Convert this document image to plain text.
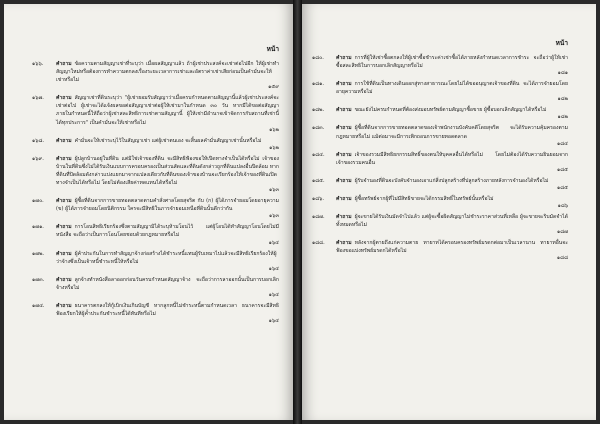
หน้า
๑๖๖. คำถาม ข้อความตามสัญญาเช่าที่ระบุว่า เมื่อผลสัญญาแล้ว ถ้าผู้เช่าประสงค์จะเช่าต่อไปอีก ให้ผู้เช่าทำสัญญาใหม่หรือต้องการทำความตกลงเรื่องระยะเวลาการเช่าและอัตราค่าเช่าเสียก่อนเป็นคำมั่นจะให้เช่าหรือไม่
๑๕๙
๑๖๗. คำถาม สัญญาเช่าที่ดินระบุว่า "ผู้เช่ายอมรับสัญญาว่าเมื่อครบกำหนดตามสัญญานี้แล้วผู้เช่าประสงค์จะเช่าต่อไป ผู้เช่าจะได้แจ้งผลขอต่อสัญญาเช่าต่อผู้ให้เช่ามาในกำหนด ๓๐ วัน หากมีได้ขอต่อสัญญาภายในกำหนดนี้ให้ถือว่าผู้เช่าสละสิทธิการเช่าตามสัญญานี้ ผู้ให้เช่ามีอำนาจเข้าจัดการกับสถานที่เช่านี้ได้ทุกประการ" เป็นคำมั่นจะให้เช่าหรือไม่
๑๖๒
๑๖๘. คำถาม คำมั่นจะให้เช่าระบุไว้ในสัญญาเช่า แต่ผู้เช่าตนเอง จะสิ้นผลคำมั่นสัญญาเช่านั้นหรือไม่
๑๖๒
๑๖๙. คำถาม ผู้ปลูกบ้านอยู่ในที่ดิน แต่มิใช่เจ้าของที่ดิน จะมีสิทธิฟ้องขอให้เปิดทางจำเป็นได้หรือไม่ เจ้าของบ้านในที่ดินซึ่งไม่ได้รับเงินแบบการครอบครองเป็นส่วนสัดและที่ดินดังกล่าวถูกที่ดินแปลงอื่นปิดล้อม หากที่ดินที่ปิดล้อมดังกล่าวแบ่งแยกมาจากแปลงเดียวกับที่ดินของเจ้าของบ้านจะเรียกร้องให้เจ้าของที่ดินเปิดทางจำเป็นได้หรือไม่ โดยไม่ต้องเสียค่าทดแทนได้หรือไม่
๑๖๓
๑๗๐. คำถาม ผู้ซื้อที่ดินจากการขายทอดตลาดตามคำสั่งศาลโดยสุจริต กับ (ก) ผู้ได้ภารจำยอมโดยอายุความ (ข) ผู้ได้ภารจำยอมโดยนิติกรรม ใครจะมีสิทธิในภารจำยอมเหนือที่ดินนั้นดีกว่ากัน
๑๖๓
๑๗๑. คำถาม การโอนสิทธิเรียกร้องซึ่งตามสัญญามิได้ระบุห้ามโอนไว้ แต่ผู้โอนได้ทำสัญญาโอนโดยไม่มีหนังสือ จะถือว่าเป็นการโอนโดยชอบด้วยกฎหมายหรือไม่
๑๖๔
๑๗๒. คำถาม ผู้ค้าประกันในการทำสัญญาจ้างก่อสร้างได้ชำระหนี้แทนผู้รับเหมาไปแล้วจะมีสิทธิเรียกร้องให้ผู้ว่าจ้างซึ่งเป็นเจ้าหนี้ชำระหนี้ให้หรือไม่
๑๖๔
๑๗๓. คำถาม ลูกจ้างทำหนังสือลาออกก่อนวันครบกำหนดสัญญาจ้าง จะถือว่าการลาออกนั้นเป็นการบอกเลิกจ้างหรือไม่
๑๖๔
๑๗๔. คำถาม ธนาคารตกลงให้กู้เบิกเงินเกินบัญชี หากลูกหนี้ไม่ชำระหนี้ตามกำหนดเวลา ธนาคารจะมีสิทธิฟ้องเรียกให้ผู้ค้ำประกันชำระหนี้ได้ทันทีหรือไม่
๑๖๔
หน้า
๑๘๐. คำถาม การที่ผู้ให้เช่าซื้อตกลงให้ผู้เช่าซื้อชำระค่าเช่าซื้อได้ภายหลังกำหนดเวลาการชำระ จะถือว่าผู้ให้เช่าซื้อสละสิทธิในการบอกเลิกสัญญาหรือไม่
๑๘๑
๑๘๑. คำถาม การใช้ที่ดินเป็นทางเดินออกสู่ทางสาธารณะโดยไม่ได้ขออนุญาตเจ้าของที่ดิน จะได้ภารจำยอมโดยอายุความหรือไม่
๑๘๒
๑๘๒. คำถาม ขณะยังไม่ครบกำหนดที่ต้องส่งมอบทรัพย์ตามสัญญาซื้อขาย ผู้ซื้อบอกเลิกสัญญาได้หรือไม่
๑๘๒
๑๘๓. คำถาม ผู้ซื้อที่ดินจากการขายทอดตลาดของเจ้าพนักงานบังคับคดีโดยสุจริต จะได้รับความคุ้มครองตามกฎหมายหรือไม่ แม้ต่อมาจะมีการเพิกถอนการขายทอดตลาด
๑๘๔
๑๘๔. คำถาม เจ้าของรวมมีสิทธิยกกรรมสิทธิ์ของตนให้บุคคลอื่นได้หรือไม่ โดยไม่ต้องได้รับความยินยอมจากเจ้าของรวมคนอื่น
๑๘๕
๑๘๕. คำถาม ผู้รับจำนองที่ดินจะบังคับจำนองเอาแก่สิ่งปลูกสร้างที่ปลูกสร้างภายหลังการจำนองได้หรือไม่
๑๘๕
๑๘๖. คำถาม ผู้ซื้อทรัพย์จากผู้ที่ไม่มีสิทธิขายจะได้กรรมสิทธิ์ในทรัพย์นั้นหรือไม่
๑๘๖
๑๘๗. คำถาม ผู้จะขายได้รับเงินมัดจำไปแล้ว แต่ผู้จะซื้อผิดสัญญาไม่ชำระราคาส่วนที่เหลือ ผู้จะขายจะริบมัดจำได้ทั้งหมดหรือไม่
๑๘๗
๑๘๘. คำถาม หลังจากผู้ตายถึงแก่ความตาย ทายาทได้ครอบครองทรัพย์มรดกต่อมาเป็นเวลานาน ทายาทอื่นจะฟ้องขอแบ่งทรัพย์มรดกได้หรือไม่
๑๘๘
